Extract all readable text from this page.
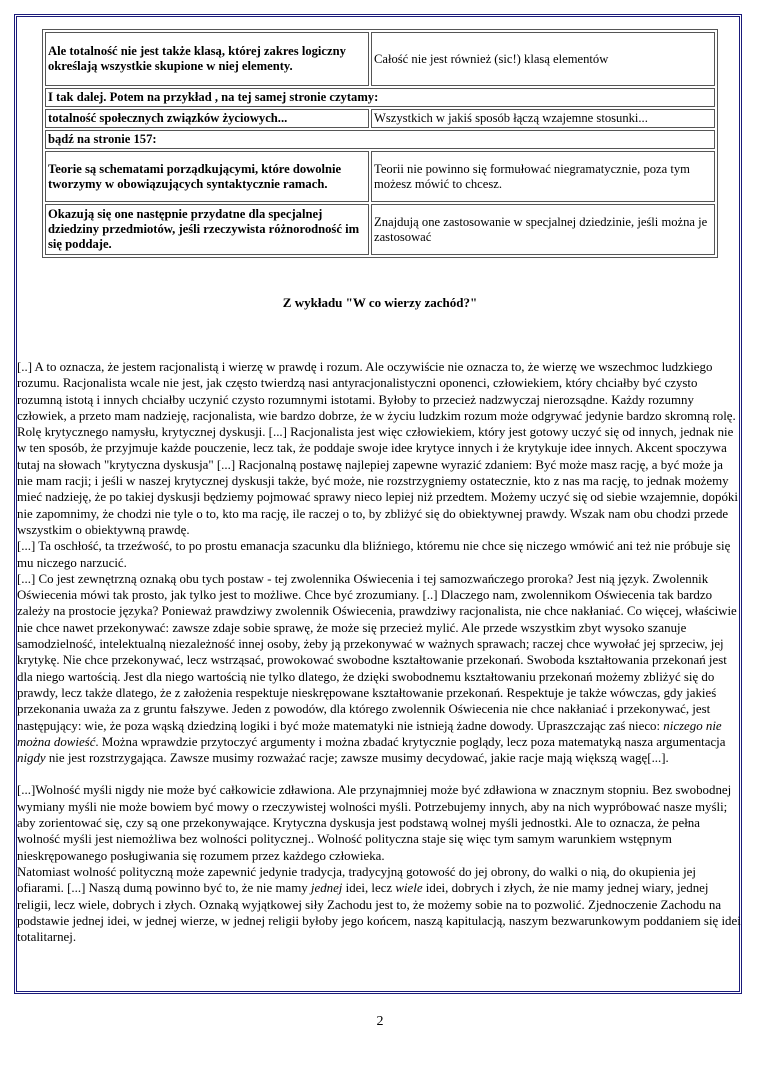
Ale totalność nie jest także klasą, której zakres logiczny określają wszystkie skupione w niej elementy.	Całość nie jest również (sic!) klasą elementów
I tak dalej. Potem na przykład , na tej samej stronie czytamy:	
totalność społecznych związków życiowych...	Wszystkich w jakiś sposób łączą wzajemne stosunki...
bądź na stronie 157:	
Teorie są schematami porządkującymi, które dowolnie tworzymy w obowiązujących syntaktycznie ramach.	Teorii nie powinno się formułować niegramatycznie, poza tym możesz mówić to chcesz.
Okazują się one następnie przydatne dla specjalnej dziedziny przedmiotów, jeśli rzeczywista różnorodność im się poddaje.	Znajdują one zastosowanie w specjalnej dziedzinie, jeśli można je zastosować
Z wykładu "W co wierzy zachód?"

[..] A to oznacza, że jestem racjonalistą i wierzę w prawdę i rozum. Ale oczywiście nie oznacza to, że wierzę we wszechmoc ludzkiego rozumu. Racjonalista wcale nie jest, jak często twierdzą nasi antyracjonalistyczni oponenci, człowiekiem, który chciałby być czysto rozumną istotą i innych chciałby uczynić czysto rozumnymi istotami. Byłoby to przecież nadzwyczaj nierozsądne. Każdy rozumny człowiek, a przeto mam nadzieję, racjonalista, wie bardzo dobrze, że w życiu ludzkim rozum może odgrywać jedynie bardzo skromną rolę. Rolę krytycznego namysłu, krytycznej dyskusji. [...] Racjonalista jest więc człowiekiem, który jest gotowy uczyć się od innych, jednak nie w ten sposób, że przyjmuje każde pouczenie, lecz tak, że poddaje swoje idee krytyce innych i że krytykuje idee innych. Akcent spoczywa tutaj na słowach "krytyczna dyskusja" [...] Racjonalną postawę najlepiej zapewne wyrazić zdaniem: Być może masz rację, a być może ja nie mam racji; i jeśli w naszej krytycznej dyskusji także, być może, nie rozstrzygniemy ostatecznie, kto z nas ma rację, to jednak możemy mieć nadzieję, że po takiej dyskusji będziemy pojmować sprawy nieco lepiej niż przedtem. Możemy uczyć się od siebie wzajemnie, dopóki nie zapomnimy, że chodzi nie tyle o to, kto ma rację, ile raczej o to, by zbliżyć się do obiektywnej prawdy. Wszak nam obu chodzi przede wszystkim o obiektywną prawdę.

[...] Ta oschłość, ta trzeźwość, to po prostu emanacja szacunku dla bliźniego, któremu nie chce się niczego wmówić ani też nie próbuje się mu niczego narzucić.

[...] Co jest zewnętrzną oznaką obu tych postaw - tej zwolennika Oświecenia i tej samozwańczego proroka? Jest nią język. Zwolennik Oświecenia mówi tak prosto, jak tylko jest to możliwe. Chce być zrozumiany. [..] Dlaczego nam, zwolennikom Oświecenia tak bardzo zależy na prostocie języka? Ponieważ prawdziwy zwolennik Oświecenia, prawdziwy racjonalista, nie chce nakłaniać. Co więcej, właściwie nie chce nawet przekonywać: zawsze zdaje sobie sprawę, że może się przecież mylić. Ale przede wszystkim zbyt wysoko szanuje samodzielność, intelektualną niezależność innej osoby, żeby ją przekonywać w ważnych sprawach; raczej chce wywołać jej sprzeciw, jej krytykę. Nie chce przekonywać, lecz wstrząsać, prowokować swobodne kształtowanie przekonań. Swoboda kształtowania przekonań jest dla niego wartością. Jest dla niego wartością nie tylko dlatego, że dzięki swobodnemu kształtowaniu przekonań możemy zbliżyć się do prawdy, lecz także dlatego, że z założenia respektuje nieskrępowane kształtowanie przekonań. Respektuje je także wówczas, gdy jakieś przekonania uważa za z gruntu fałszywe. Jeden z powodów, dla którego zwolennik Oświecenia nie chce nakłaniać i przekonywać, jest następujący: wie, że poza wąską dziedziną logiki i być może matematyki nie istnieją żadne dowody. Upraszczając zaś nieco: niczego nie można dowieść. Można wprawdzie przytoczyć argumenty i można zbadać krytycznie poglądy, lecz poza matematyką nasza argumentacja nigdy nie jest rozstrzygająca. Zawsze musimy rozważać racje; zawsze musimy decydować, jakie racje mają większą wagę[...].

[...]Wolność myśli nigdy nie może być całkowicie zdławiona. Ale przynajmniej może być zdławiona w znacznym stopniu. Bez swobodnej wymiany myśli nie może bowiem być mowy o rzeczywistej wolności myśli. Potrzebujemy innych, aby na nich wypróbować nasze myśli; aby zorientować się, czy są one przekonywające. Krytyczna dyskusja jest podstawą wolnej myśli jednostki. Ale to oznacza, że pełna wolność myśli jest niemożliwa bez wolności politycznej.. Wolność polityczna staje się więc tym samym warunkiem wstępnym nieskrępowanego posługiwania się rozumem przez każdego człowieka.

Natomiast wolność polityczną może zapewnić jedynie tradycja, tradycyjną gotowość do jej obrony, do walki o nią, do okupienia jej ofiarami. [...] Naszą dumą powinno być to, że nie mamy jednej idei, lecz wiele idei, dobrych i złych, że nie mamy jednej wiary, jednej religii, lecz wiele, dobrych i złych. Oznaką wyjątkowej siły Zachodu jest to, że możemy sobie na to pozwolić. Zjednoczenie Zachodu na podstawie jednej idei, w jednej wierze, w jednej religii byłoby jego końcem, naszą kapitulacją, naszym bezwarunkowym poddaniem się idei totalitarnej.

2
